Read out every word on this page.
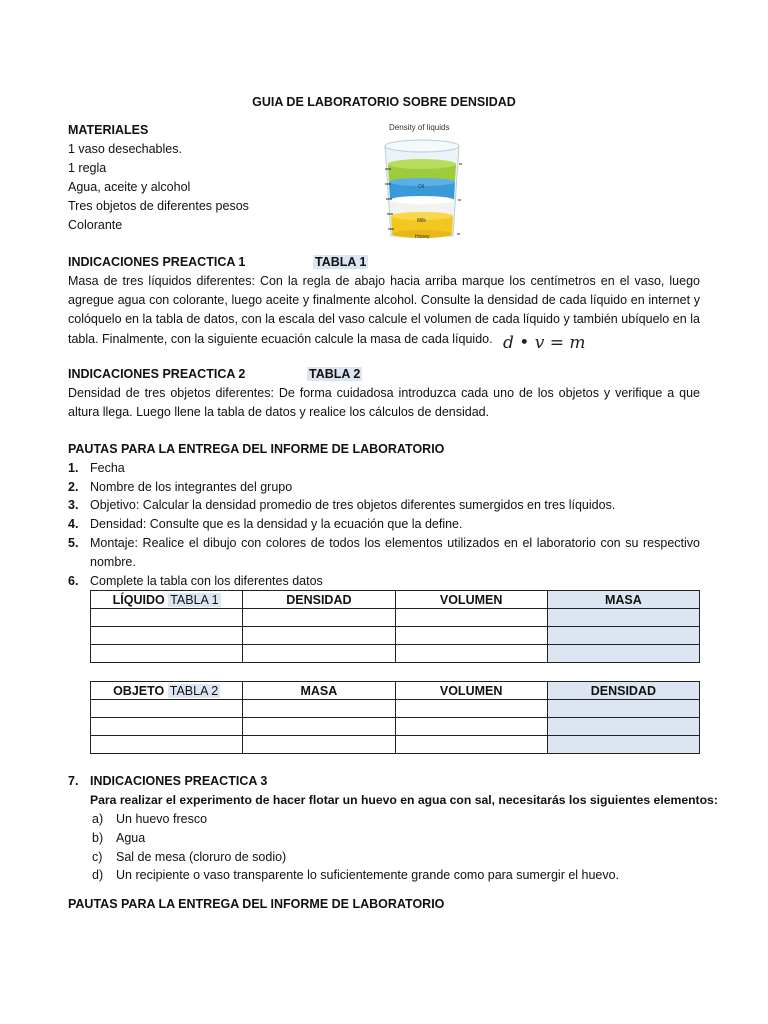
GUIA DE LABORATORIO SOBRE DENSIDAD
MATERIALES
1 vaso desechables.
1 regla
Agua, aceite y alcohol
Tres objetos de diferentes pesos
Colorante
Density of liquids
Oil
Water
Milk
Honey
INDICACIONES PREACTICA 1	TABLA 1
Masa de tres líquidos diferentes: Con la regla de abajo hacia arriba marque los centímetros en el vaso, luego agregue agua con colorante, luego aceite y finalmente alcohol. Consulte la densidad de cada líquido en internet y colóquelo en la tabla de datos, con la escala del vaso calcule el volumen de cada líquido y también ubíquelo en la tabla. Finalmente, con la siguiente ecuación calcule la masa de cada líquido. d • v = m
INDICACIONES PREACTICA 2	TABLA 2
Densidad de tres objetos diferentes: De forma cuidadosa introduzca cada uno de los objetos y verifique a que altura llega. Luego llene la tabla de datos y realice los cálculos de densidad.
PAUTAS PARA LA ENTREGA DEL INFORME DE LABORATORIO
1. Fecha
2. Nombre de los integrantes del grupo
3. Objetivo: Calcular la densidad promedio de tres objetos diferentes sumergidos en tres líquidos.
4. Densidad: Consulte que es la densidad y la ecuación que la define.
5. Montaje: Realice el dibujo con colores de todos los elementos utilizados en el laboratorio con su respectivo nombre.
6. Complete la tabla con los diferentes datos
LÍQUIDO TABLA 1	DENSIDAD	VOLUMEN	MASA

OBJETO TABLA 2	MASA	VOLUMEN	DENSIDAD

7. INDICACIONES PREACTICA 3
Para realizar el experimento de hacer flotar un huevo en agua con sal, necesitarás los siguientes elementos:
a) Un huevo fresco
b) Agua
c) Sal de mesa (cloruro de sodio)
d) Un recipiente o vaso transparente lo suficientemente grande como para sumergir el huevo.
PAUTAS PARA LA ENTREGA DEL INFORME DE LABORATORIO
